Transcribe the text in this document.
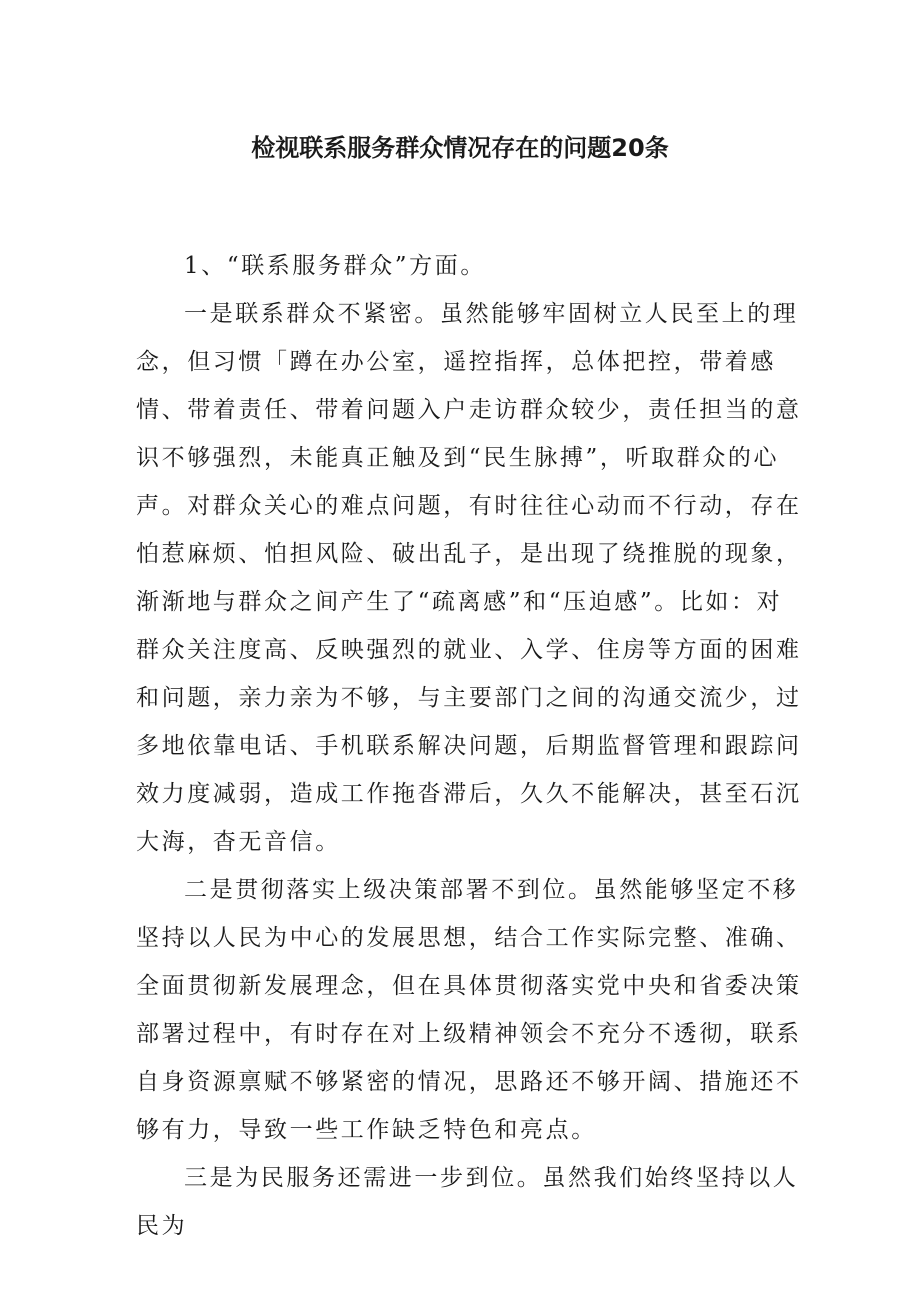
检视联系服务群众情况存在的问题20条

1、“联系服务群众”方面。

一是联系群众不紧密。虽然能够牢固树立人民至上的理念，但习惯「蹲在办公室，遥控指挥，总体把控，带着感情、带着责任、带着问题入户走访群众较少，责任担当的意识不够强烈，未能真正触及到“民生脉搏”，听取群众的心声。对群众关心的难点问题，有时往往心动而不行动，存在怕惹麻烦、怕担风险、破出乱子，是出现了绕推脱的现象，渐渐地与群众之间产生了“疏离感”和“压迫感”。比如：对群众关注度高、反映强烈的就业、入学、住房等方面的困难和问题，亲力亲为不够，与主要部门之间的沟通交流少，过多地依靠电话、手机联系解决问题，后期监督管理和跟踪问效力度减弱，造成工作拖沓滞后，久久不能解决，甚至石沉大海，杳无音信。

二是贯彻落实上级决策部署不到位。虽然能够坚定不移坚持以人民为中心的发展思想，结合工作实际完整、准确、全面贯彻新发展理念，但在具体贯彻落实党中央和省委决策部署过程中，有时存在对上级精神领会不充分不透彻，联系自身资源禀赋不够紧密的情况，思路还不够开阔、措施还不够有力，导致一些工作缺乏特色和亮点。

三是为民服务还需进一步到位。虽然我们始终坚持以人民为
